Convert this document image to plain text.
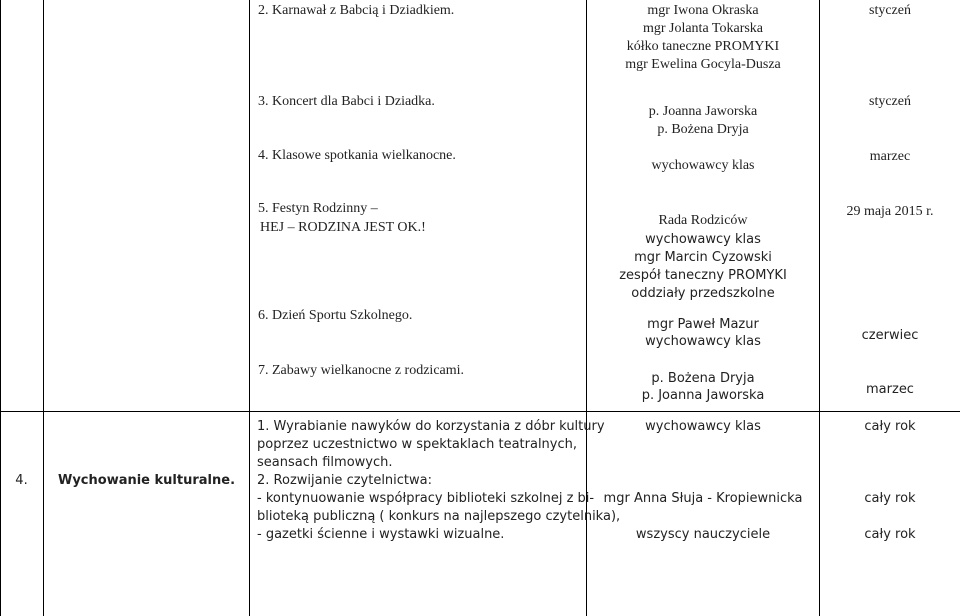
2. Karnawał z Babcią i Dziadkiem.	mgr Iwona Okraska
mgr Jolanta Tokarska
kółko taneczne PROMYKI
mgr Ewelina Gocyla-Dusza
styczeń
3. Koncert dla Babci i Dziadka.
4. Klasowe spotkania wielkanocne.
p. Joanna Jaworska
p. Bożena Dryja
wychowawcy klas
styczeń
marzec
5. Festyn Rodzinny –
HEJ – RODZINA JEST OK.!
6. Dzień Sportu Szkolnego.
7. Zabawy wielkanocne z rodzicami.
Rada Rodziców
wychowawcy klas
mgr Marcin Cyzowski
zespół taneczny PROMYKI
oddziały przedszkolne
mgr Paweł Mazur
wychowawcy klas
p. Bożena Dryja
p. Joanna Jaworska
29 maja 2015 r.
czerwiec
marzec
4.	Wychowanie kulturalne.
1. Wyrabianie nawyków do korzystania z dóbr kultury
poprzez uczestnictwo w spektaklach teatralnych,
seansach filmowych.
2. Rozwijanie czytelnictwa:
- kontynuowanie współpracy biblioteki szkolnej z bi-
blioteką publiczną ( konkurs na najlepszego czytelnika),
- gazetki ścienne i wystawki wizualne.
wychowawcy klas
mgr Anna Słuja - Kropiewnicka
wszyscy nauczyciele
cały rok
cały rok
cały rok
